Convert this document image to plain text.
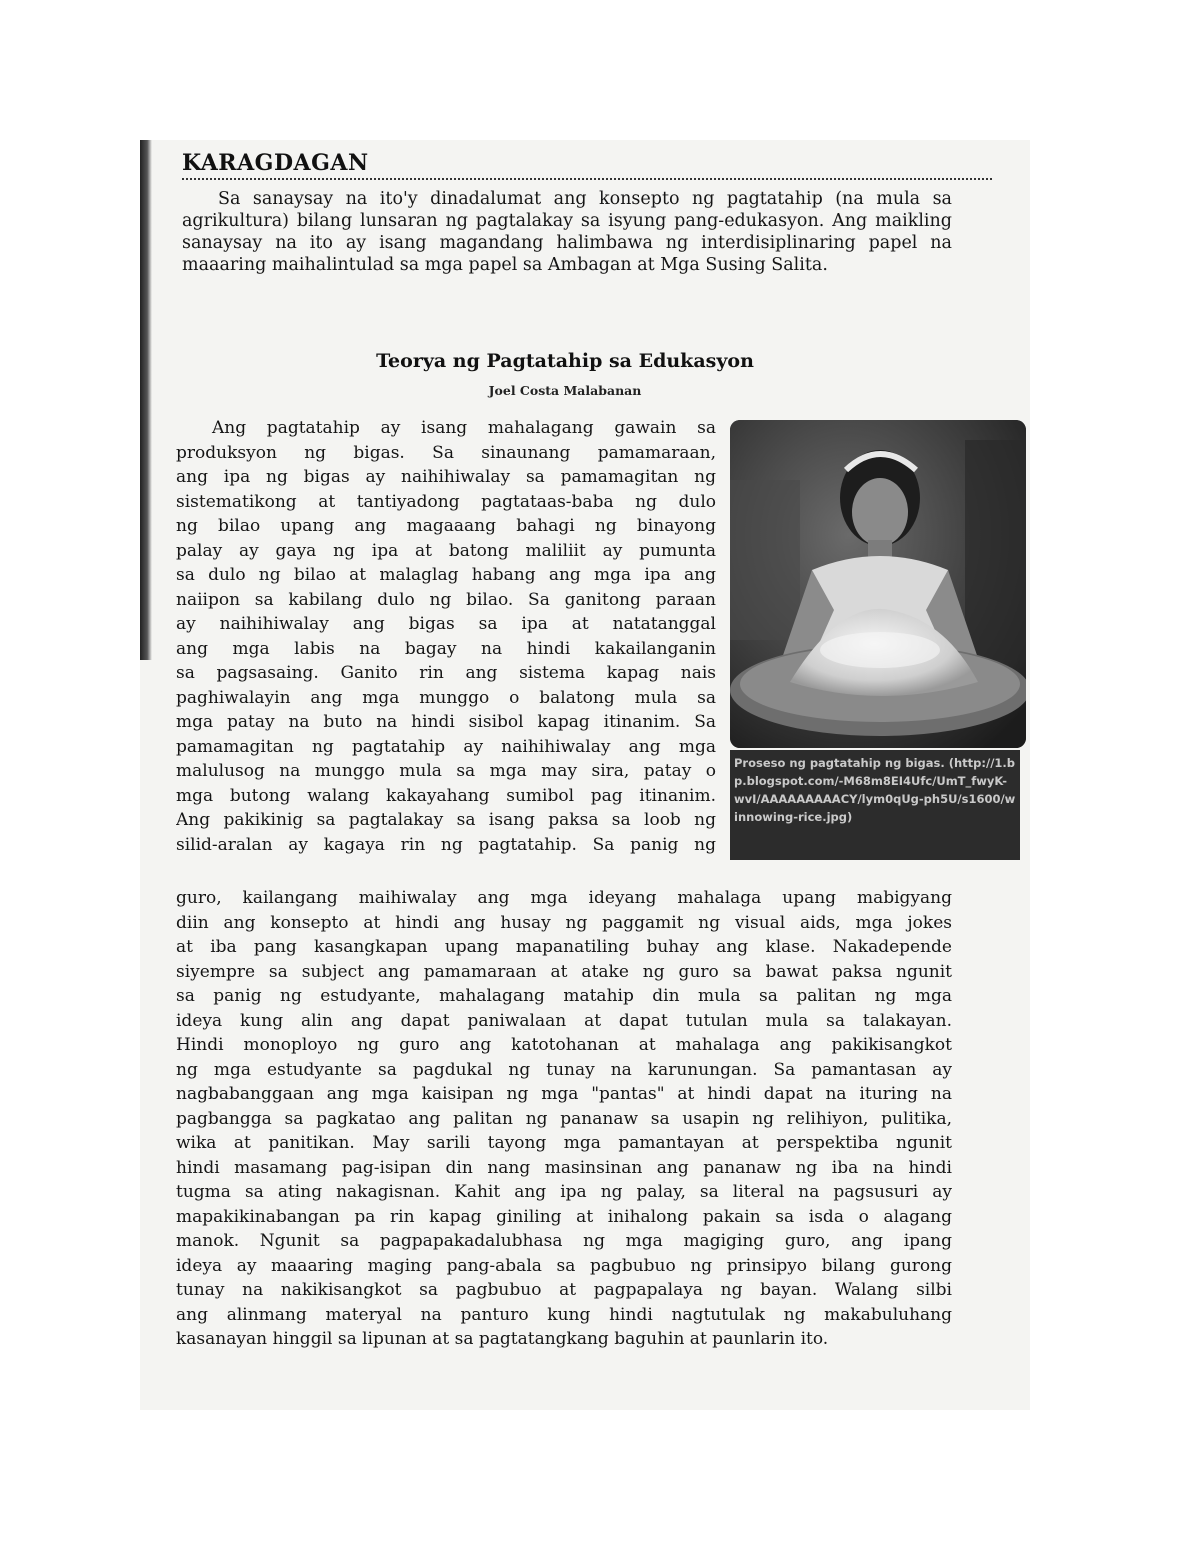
KARAGDAGAN

Sa sanaysay na ito'y dinadalumat ang konsepto ng pagtatahip (na mula sa agrikultura) bilang lunsaran ng pagtalakay sa isyung pang-edukasyon. Ang maikling sanaysay na ito ay isang magandang halimbawa ng interdisiplinaring papel na maaaring maihalintulad sa mga papel sa Ambagan at Mga Susing Salita.

Teorya ng Pagtatahip sa Edukasyon
Joel Costa Malabanan
Proseso ng pagtatahip ng bigas. (http://1.bp.blogspot.com/-M68m8EI4Ufc/UmT_fwyK-wvI/AAAAAAAAACY/lym0qUg-ph5U/s1600/winnowing-rice.jpg)
Ang pagtatahip ay isang mahalagang gawain sa
produksyon ng bigas. Sa sinaunang pamamaraan,
ang ipa ng bigas ay naihihiwalay sa pamamagitan ng
sistematikong at tantiyadong pagtataas-baba ng dulo
ng bilao upang ang magaaang bahagi ng binayong
palay ay gaya ng ipa at batong maliliit ay pumunta
sa dulo ng bilao at malaglag habang ang mga ipa ang
naiipon sa kabilang dulo ng bilao. Sa ganitong paraan
ay naihihiwalay ang bigas sa ipa at natatanggal
ang mga labis na bagay na hindi kakailanganin
sa pagsasaing. Ganito rin ang sistema kapag nais
paghiwalayin ang mga munggo o balatong mula sa
mga patay na buto na hindi sisibol kapag itinanim. Sa
pamamagitan ng pagtatahip ay naihihiwalay ang mga
malulusog na munggo mula sa mga may sira, patay o
mga butong walang kakayahang sumibol pag itinanim.
Ang pakikinig sa pagtalakay sa isang paksa sa loob ng
silid-aralan ay kagaya rin ng pagtatahip. Sa panig ng
guro, kailangang maihiwalay ang mga ideyang mahalaga upang mabigyang
diin ang konsepto at hindi ang husay ng paggamit ng visual aids, mga jokes
at iba pang kasangkapan upang mapanatiling buhay ang klase. Nakadepende
siyempre sa subject ang pamamaraan at atake ng guro sa bawat paksa ngunit
sa panig ng estudyante, mahalagang matahip din mula sa palitan ng mga
ideya kung alin ang dapat paniwalaan at dapat tutulan mula sa talakayan.
Hindi monoployo ng guro ang katotohanan at mahalaga ang pakikisangkot
ng mga estudyante sa pagdukal ng tunay na karunungan. Sa pamantasan ay
nagbabanggaan ang mga kaisipan ng mga "pantas" at hindi dapat na ituring na
pagbangga sa pagkatao ang palitan ng pananaw sa usapin ng relihiyon, pulitika,
wika at panitikan. May sarili tayong mga pamantayan at perspektiba ngunit
hindi masamang pag-isipan din nang masinsinan ang pananaw ng iba na hindi
tugma sa ating nakagisnan. Kahit ang ipa ng palay, sa literal na pagsusuri ay
mapakikinabangan pa rin kapag giniling at inihalong pakain sa isda o alagang
manok. Ngunit sa pagpapakadalubhasa ng mga magiging guro, ang ipang
ideya ay maaaring maging pang-abala sa pagbubuo ng prinsipyo bilang gurong
tunay na nakikisangkot sa pagbubuo at pagpapalaya ng bayan. Walang silbi
ang alinmang materyal na panturo kung hindi nagtutulak ng makabuluhang
kasanayan hinggil sa lipunan at sa pagtatangkang baguhin at paunlarin ito.
